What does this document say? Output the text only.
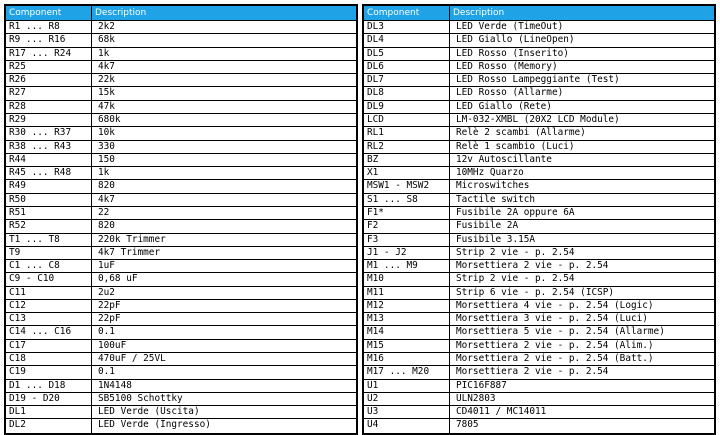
Component	Description
R1 ... R8	2k2
R9 ... R16	68k
R17 ... R24	1k
R25	4k7
R26	22k
R27	15k
R28	47k
R29	680k
R30 ... R37	10k
R38 ... R43	330
R44	150
R45 ... R48	1k
R49	820
R50	4k7
R51	22
R52	820
T1 ... T8	220k Trimmer
T9	4k7 Trimmer
C1 ... C8	1uF
C9 - C10	0,68 uF
C11	2u2
C12	22pF
C13	22pF
C14 ... C16	0.1
C17	100uF
C18	470uF / 25VL
C19	0.1
D1 ... D18	1N4148
D19 - D20	SB5100 Schottky
DL1	LED Verde (Uscita)
DL2	LED Verde (Ingresso)
Component	Description
DL3	LED Verde (TimeOut)
DL4	LED Giallo (LineOpen)
DL5	LED Rosso (Inserito)
DL6	LED Rosso (Memory)
DL7	LED Rosso Lampeggiante (Test)
DL8	LED Rosso (Allarme)
DL9	LED Giallo (Rete)
LCD	LM-032-XMBL (20X2 LCD Module)
RL1	Relè 2 scambi (Allarme)
RL2	Relè 1 scambio (Luci)
BZ	12v Autoscillante
X1	10MHz Quarzo
MSW1 - MSW2	Microswitches
S1 ... S8	Tactile switch
F1*	Fusibile 2A oppure 6A
F2	Fusibile 2A
F3	Fusibile 3.15A
J1 - J2	Strip 2 vie - p. 2.54
M1 ... M9	Morsettiera 2 vie - p. 2.54
M10	Strip 2 vie - p. 2.54
M11	Strip 6 vie - p. 2.54 (ICSP)
M12	Morsettiera 4 vie - p. 2.54 (Logic)
M13	Morsettiera 3 vie - p. 2.54 (Luci)
M14	Morsettiera 5 vie - p. 2.54 (Allarme)
M15	Morsettiera 2 vie - p. 2.54 (Alim.)
M16	Morsettiera 2 vie - p. 2.54 (Batt.)
M17 ... M20	Morsettiera 2 vie - p. 2.54
U1	PIC16F887
U2	ULN2803
U3	CD4011 / MC14011
U4	7805
